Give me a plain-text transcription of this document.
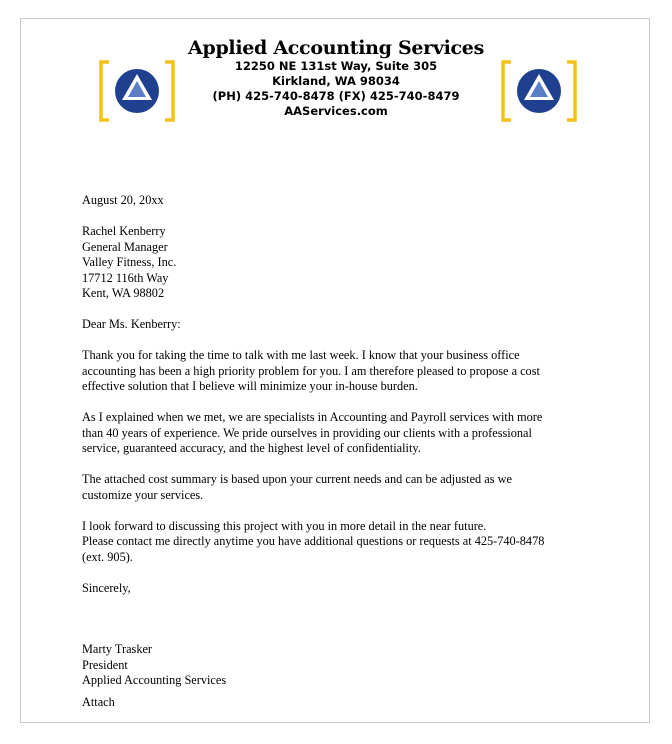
Applied Accounting Services
12250 NE 131st Way, Suite 305
Kirkland, WA 98034
(PH) 425-740-8478 (FX) 425-740-8479
AAServices.com

August 20, 20xx

Rachel Kenberry

General Manager

Valley Fitness, Inc.

17712 116th Way

Kent, WA 98802

Dear Ms. Kenberry:

Thank you for taking the time to talk with me last week. I know that your business office

accounting has been a high priority problem for you. I am therefore pleased to propose a cost

effective solution that I believe will minimize your in-house burden.

As I explained when we met, we are specialists in Accounting and Payroll services with more

than 40 years of experience. We pride ourselves in providing our clients with a professional

service, guaranteed accuracy, and the highest level of confidentiality.

The attached cost summary is based upon your current needs and can be adjusted as we

customize your services.

I look forward to discussing this project with you in more detail in the near future.

Please contact me directly anytime you have additional questions or requests at 425-740-8478

(ext. 905).

Sincerely,

Marty Trasker

President

Applied Accounting Services

Attach
